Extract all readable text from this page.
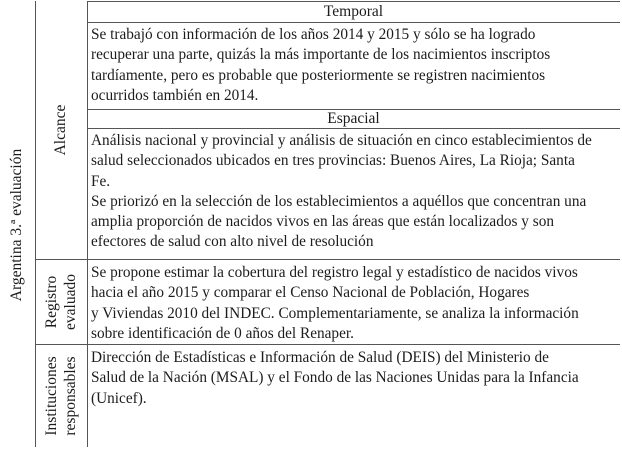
Argentina 3.ª evaluación
Alcance
Registro evaluado
Instituciones responsables
Temporal
Se trabajó con información de los años 2014 y 2015 y sólo se ha logrado
recuperar una parte, quizás la más importante de los nacimientos inscriptos
tardíamente, pero es probable que posteriormente se registren nacimientos
ocurridos también en 2014.
Espacial
Análisis nacional y provincial y análisis de situación en cinco establecimientos de
salud seleccionados ubicados en tres provincias: Buenos Aires, La Rioja; Santa
Fe.
Se priorizó en la selección de los establecimientos a aquéllos que concentran una
amplia proporción de nacidos vivos en las áreas que están localizados y son
efectores de salud con alto nivel de resolución
Se propone estimar la cobertura del registro legal y estadístico de nacidos vivos
hacia el año 2015 y comparar el Censo Nacional de Población, Hogares
y Viviendas 2010 del INDEC. Complementariamente, se analiza la información
sobre identificación de 0 años del Renaper.
Dirección de Estadísticas e Información de Salud (DEIS) del Ministerio de
Salud de la Nación (MSAL) y el Fondo de las Naciones Unidas para la Infancia
(Unicef).
